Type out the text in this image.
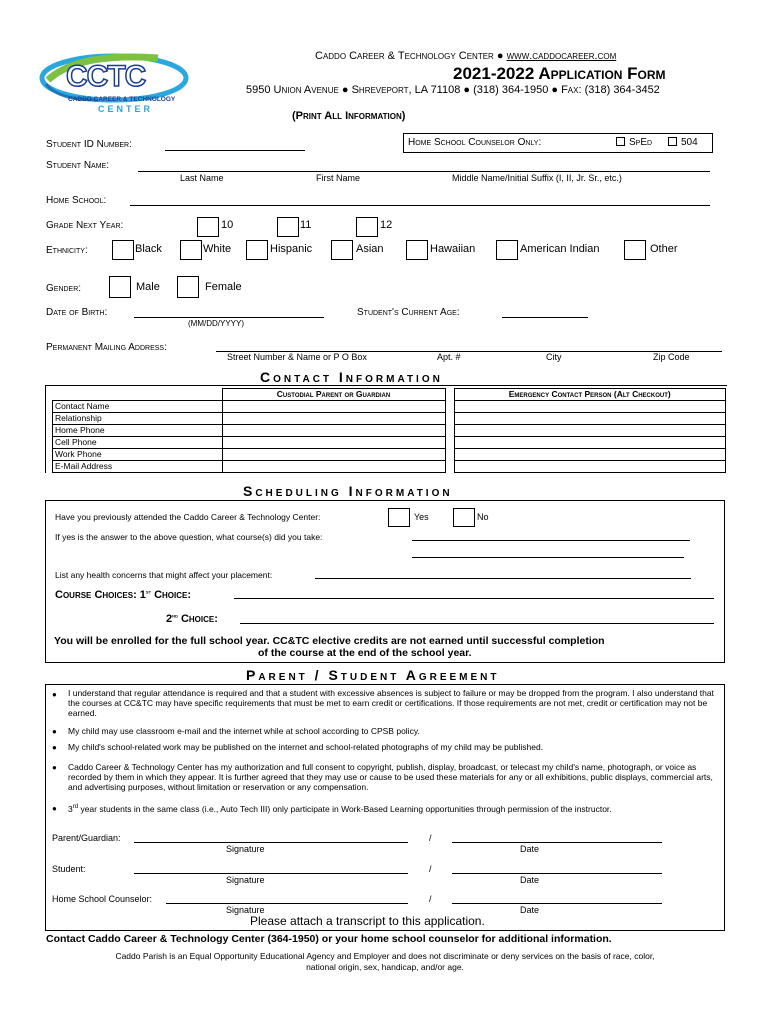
CCTC
CADDO CAREER & TECHNOLOGY
CENTER
Caddo Career & Technology Center ● www.caddocareer.com
2021-2022 Application Form
5950 Union Avenue ● Shreveport, LA 71108 ● (318) 364-1950 ● Fax: (318) 364-3452
(Print All Information)
Student ID Number:	Home School Counselor Only:	SpEd	504
Student Name:
Last Name	First Name	Middle Name/Initial Suffix (I, II, Jr. Sr., etc.)
Home School:
Grade Next Year:	10	11	12
Ethnicity:	Black	White	Hispanic	Asian	Hawaiian	American Indian	Other
Gender:	Male	Female
Date of Birth:
(MM/DD/YYYY)
Student's Current Age:
Permanent Mailing Address:
Street Number & Name or P O Box	Apt. #	City	Zip Code
Contact Information
	Custodial Parent or Guardian		Emergency Contact Person (Alt Checkout)
Contact Name			
Relationship			
Home Phone			
Cell Phone			
Work Phone			
E-Mail Address			
Scheduling Information
Have you previously attended the Caddo Career & Technology Center:	Yes	No
If yes is the answer to the above question, what course(s) did you take:
List any health concerns that might affect your placement:
Course Choices: 1st Choice:
2nd Choice:
You will be enrolled for the full school year. CC&TC elective credits are not earned until successful completion
of the course at the end of the school year.
Parent / Student Agreement
● I understand that regular attendance is required and that a student with excessive absences is subject to failure or may be dropped from the program. I also understand that the courses at CC&TC may have specific requirements that must be met to earn credit or certifications. If those requirements are not met, credit or certification may not be earned.
● My child may use classroom e-mail and the internet while at school according to CPSB policy.
● My child's school-related work may be published on the internet and school-related photographs of my child may be published.
● Caddo Career & Technology Center has my authorization and full consent to copyright, publish, display, broadcast, or telecast my child's name, photograph, or voice as recorded by them in which they appear. It is further agreed that they may use or cause to be used these materials for any or all exhibitions, public displays, commercial arts, and advertising purposes, without limitation or reservation or any compensation.
● 3rd year students in the same class (i.e., Auto Tech III) only participate in Work-Based Learning opportunities through permission of the instructor.
Parent/Guardian:	/
Signature	Date
Student:	/
Signature	Date
Home School Counselor:	/
Signature	Date
Please attach a transcript to this application.
Contact Caddo Career & Technology Center (364-1950) or your home school counselor for additional information.
Caddo Parish is an Equal Opportunity Educational Agency and Employer and does not discriminate or deny services on the basis of race, color,
national origin, sex, handicap, and/or age.
